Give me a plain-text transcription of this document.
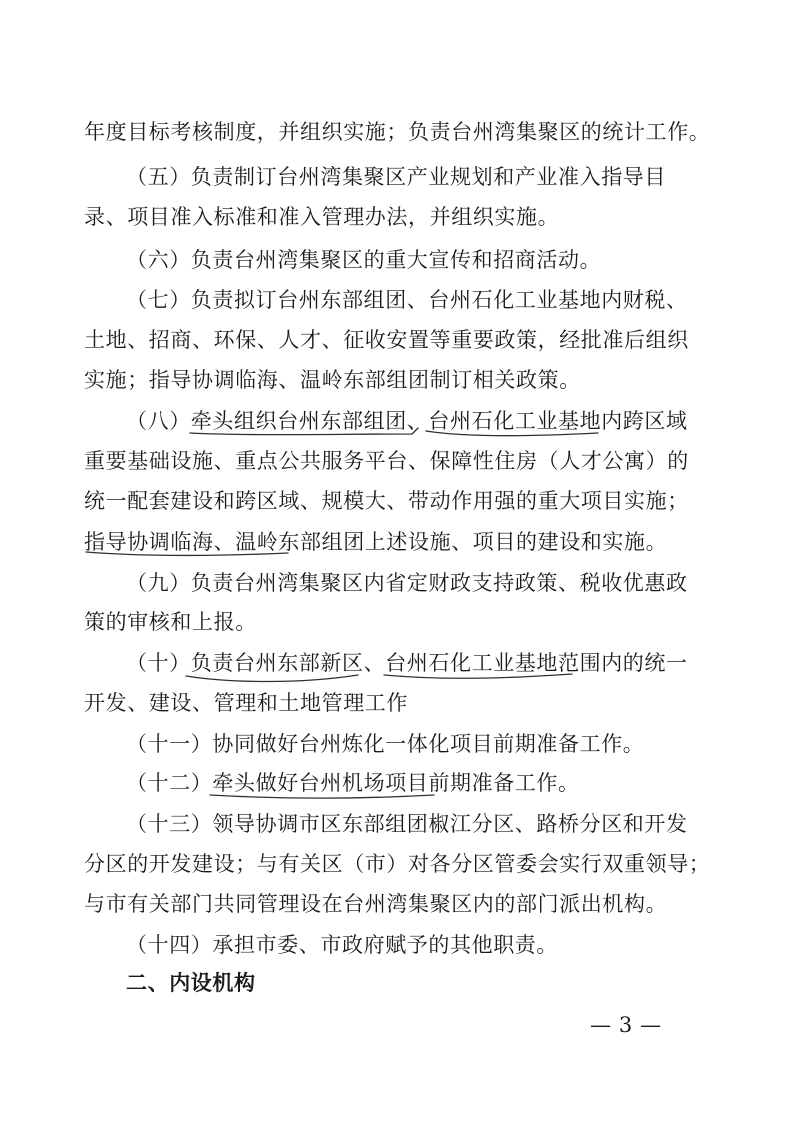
年度目标考核制度，并组织实施；负责台州湾集聚区的统计工作。
（五）负责制订台州湾集聚区产业规划和产业准入指导目
录、项目准入标准和准入管理办法，并组织实施。
（六）负责台州湾集聚区的重大宣传和招商活动。
（七）负责拟订台州东部组团、台州石化工业基地内财税、
土地、招商、环保、人才、征收安置等重要政策，经批准后组织
实施；指导协调临海、温岭东部组团制订相关政策。
（八）牵头组织台州东部组团、台州石化工业基地内跨区域
重要基础设施、重点公共服务平台、保障性住房（人才公寓）的
统一配套建设和跨区域、规模大、带动作用强的重大项目实施；
指导协调临海、温岭东部组团上述设施、项目的建设和实施。
（九）负责台州湾集聚区内省定财政支持政策、税收优惠政
策的审核和上报。
（十）负责台州东部新区、台州石化工业基地范围内的统一
开发、建设、管理和土地管理工作
（十一）协同做好台州炼化一体化项目前期准备工作。
（十二）牵头做好台州机场项目前期准备工作。
（十三）领导协调市区东部组团椒江分区、路桥分区和开发
分区的开发建设；与有关区（市）对各分区管委会实行双重领导；
与市有关部门共同管理设在台州湾集聚区内的部门派出机构。
（十四）承担市委、市政府赋予的其他职责。
二、内设机构
— 3 —
